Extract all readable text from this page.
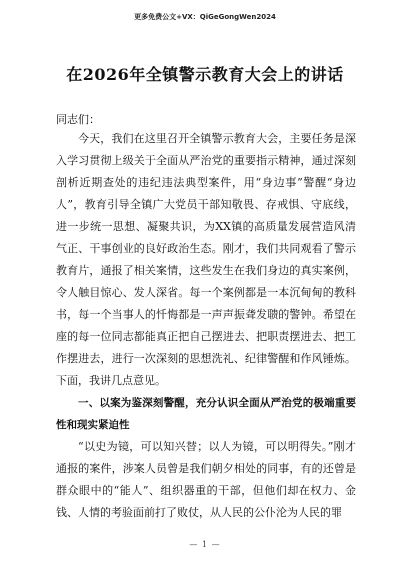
更多免费公文+VX：QiGeGongWen2024
在2026年全镇警示教育大会上的讲话
同志们：

今天，我们在这里召开全镇警示教育大会，主要任务是深入学习贯彻上级关于全面从严治党的重要指示精神，通过深刻剖析近期查处的违纪违法典型案件，用“身边事”警醒“身边人”，教育引导全镇广大党员干部知敬畏、存戒惧、守底线，进一步统一思想、凝聚共识，为XX镇的高质量发展营造风清气正、干事创业的良好政治生态。刚才，我们共同观看了警示教育片，通报了相关案情，这些发生在我们身边的真实案例，令人触目惊心、发人深省。每一个案例都是一本沉甸甸的教科书，每一个当事人的忏悔都是一声声振聋发聩的警钟。希望在座的每一位同志都能真正把自己摆进去、把职责摆进去、把工作摆进去，进行一次深刻的思想洗礼、纪律警醒和作风锤炼。下面，我讲几点意见。

一、以案为鉴深刻警醒，充分认识全面从严治党的极端重要性和现实紧迫性

“以史为镜，可以知兴替；以人为镜，可以明得失。”刚才通报的案件，涉案人员曾是我们朝夕相处的同事，有的还曾是群众眼中的“能人”、组织器重的干部，但他们却在权力、金钱、人情的考验面前打了败仗，从人民的公仆沦为人民的罪

— 1 —
